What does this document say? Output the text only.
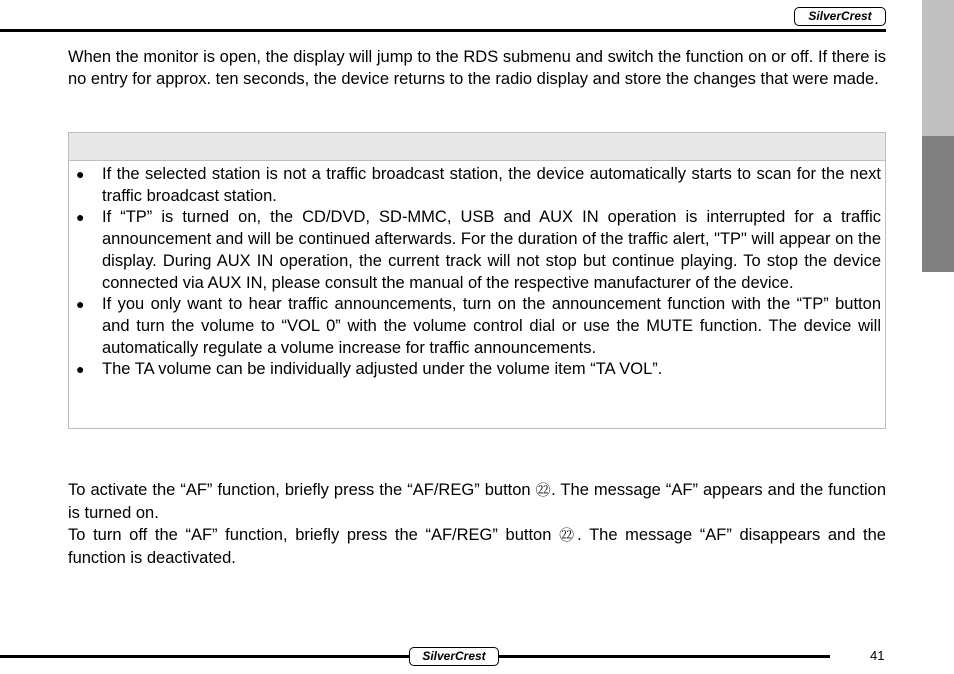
SilverCrest

When the monitor is open, the display will jump to the RDS submenu and switch the function on or off. If there is no entry for approx. ten seconds, the device returns to the radio display and store the changes that were made.

● If the selected station is not a traffic broadcast station, the device automatically starts to scan for the next traffic broadcast station.
● If “TP” is turned on, the CD/DVD, SD-MMC, USB and AUX IN operation is interrupted for a traffic announcement and will be continued afterwards. For the duration of the traffic alert, "TP" will appear on the display. During AUX IN operation, the current track will not stop but continue playing. To stop the device connected via AUX IN, please consult the manual of the respective manufacturer of the device.
● If you only want to hear traffic announcements, turn on the announcement function with the “TP” button and turn the volume to “VOL 0” with the volume control dial or use the MUTE function. The device will automatically regulate a volume increase for traffic announcements.
● The TA volume can be individually adjusted under the volume item “TA VOL”.

To activate the “AF” function, briefly press the “AF/REG” button ㉒. The message “AF” appears and the function is turned on.
To turn off the “AF” function, briefly press the “AF/REG” button ㉒. The message “AF” disappears and the function is deactivated.

SilverCrest	41
